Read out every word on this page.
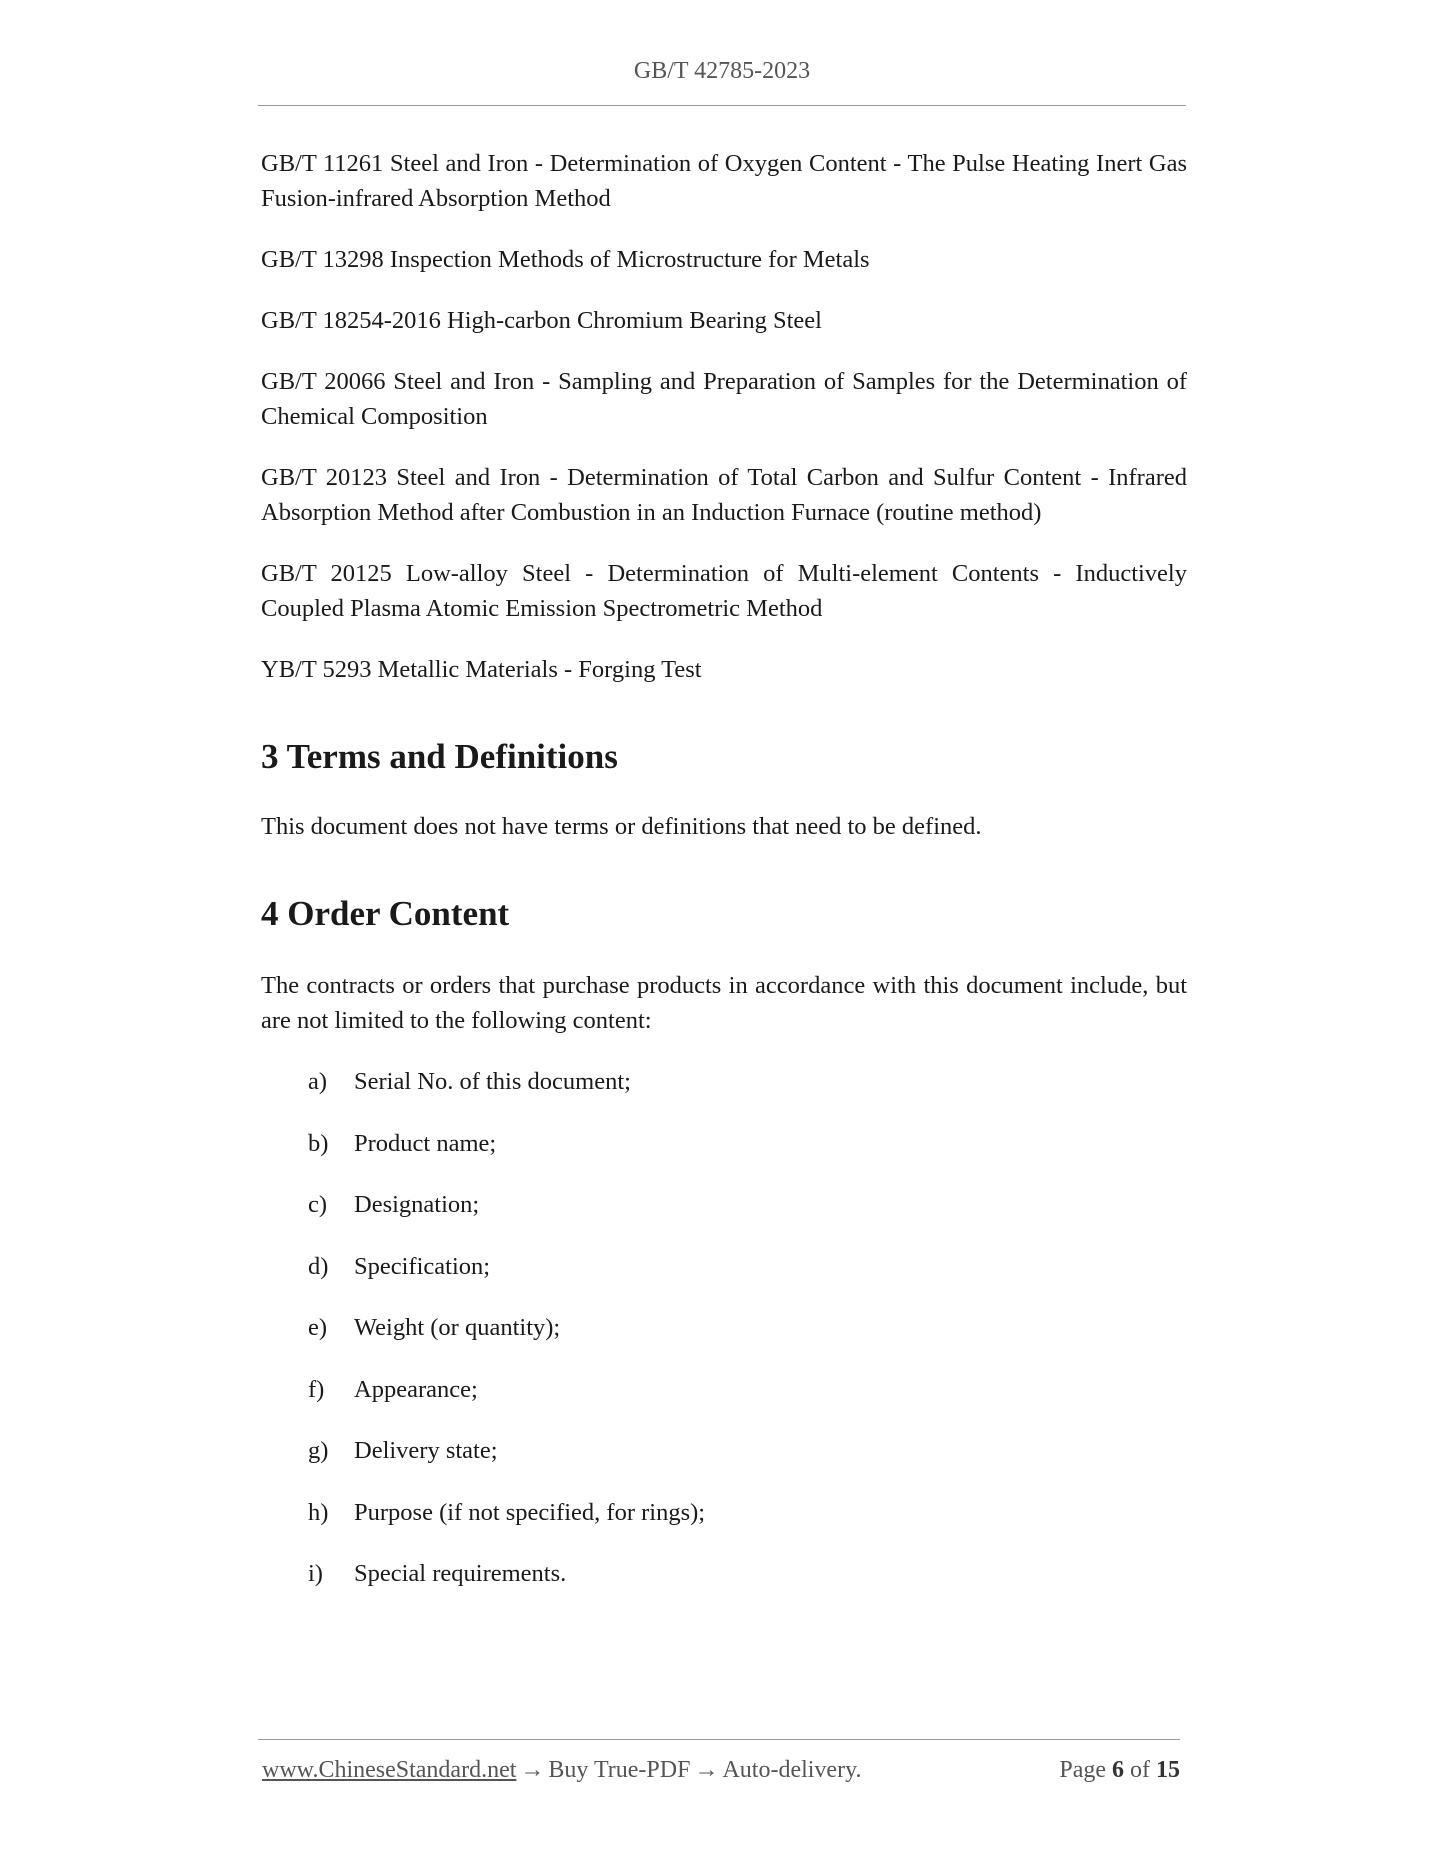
GB/T 42785-2023

GB/T 11261 Steel and Iron - Determination of Oxygen Content - The Pulse Heating Inert Gas Fusion-infrared Absorption Method

GB/T 13298 Inspection Methods of Microstructure for Metals

GB/T 18254-2016 High-carbon Chromium Bearing Steel

GB/T 20066 Steel and Iron - Sampling and Preparation of Samples for the Determination of Chemical Composition

GB/T 20123 Steel and Iron - Determination of Total Carbon and Sulfur Content - Infrared Absorption Method after Combustion in an Induction Furnace (routine method)

GB/T 20125 Low-alloy Steel - Determination of Multi-element Contents - Inductively Coupled Plasma Atomic Emission Spectrometric Method

YB/T 5293 Metallic Materials - Forging Test

3 Terms and Definitions

This document does not have terms or definitions that need to be defined.

4 Order Content

The contracts or orders that purchase products in accordance with this document include, but are not limited to the following content:

a) Serial No. of this document;
b) Product name;
c) Designation;
d) Specification;
e) Weight (or quantity);
f) Appearance;
g) Delivery state;
h) Purpose (if not specified, for rings);
i) Special requirements.
www.ChineseStandard.net → Buy True-PDF → Auto-delivery.	Page 6 of 15
